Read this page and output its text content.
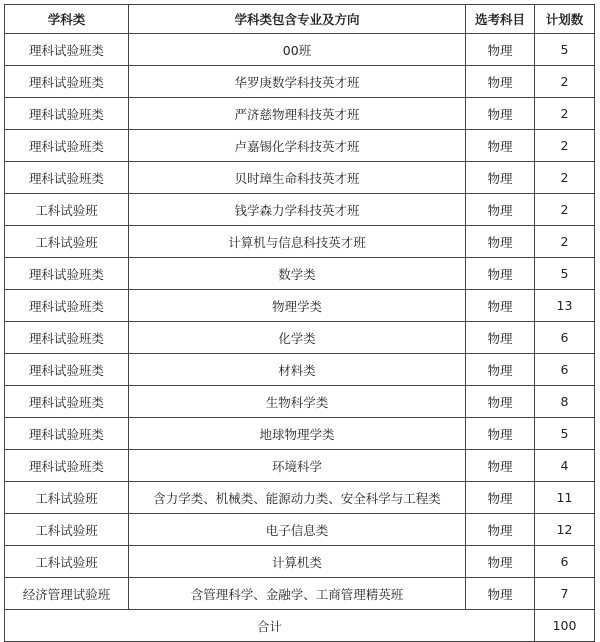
学科类	学科类包含专业及方向	选考科目	计划数
理科试验班类	00班	物理	5
理科试验班类	华罗庚数学科技英才班	物理	2
理科试验班类	严济慈物理科技英才班	物理	2
理科试验班类	卢嘉锡化学科技英才班	物理	2
理科试验班类	贝时璋生命科技英才班	物理	2
工科试验班	钱学森力学科技英才班	物理	2
工科试验班	计算机与信息科技英才班	物理	2
理科试验班类	数学类	物理	5
理科试验班类	物理学类	物理	13
理科试验班类	化学类	物理	6
理科试验班类	材料类	物理	6
理科试验班类	生物科学类	物理	8
理科试验班类	地球物理学类	物理	5
理科试验班类	环境科学	物理	4
工科试验班	含力学类、机械类、能源动力类、安全科学与工程类	物理	11
工科试验班	电子信息类	物理	12
工科试验班	计算机类	物理	6
经济管理试验班	含管理科学、金融学、工商管理精英班	物理	7
合计			100
